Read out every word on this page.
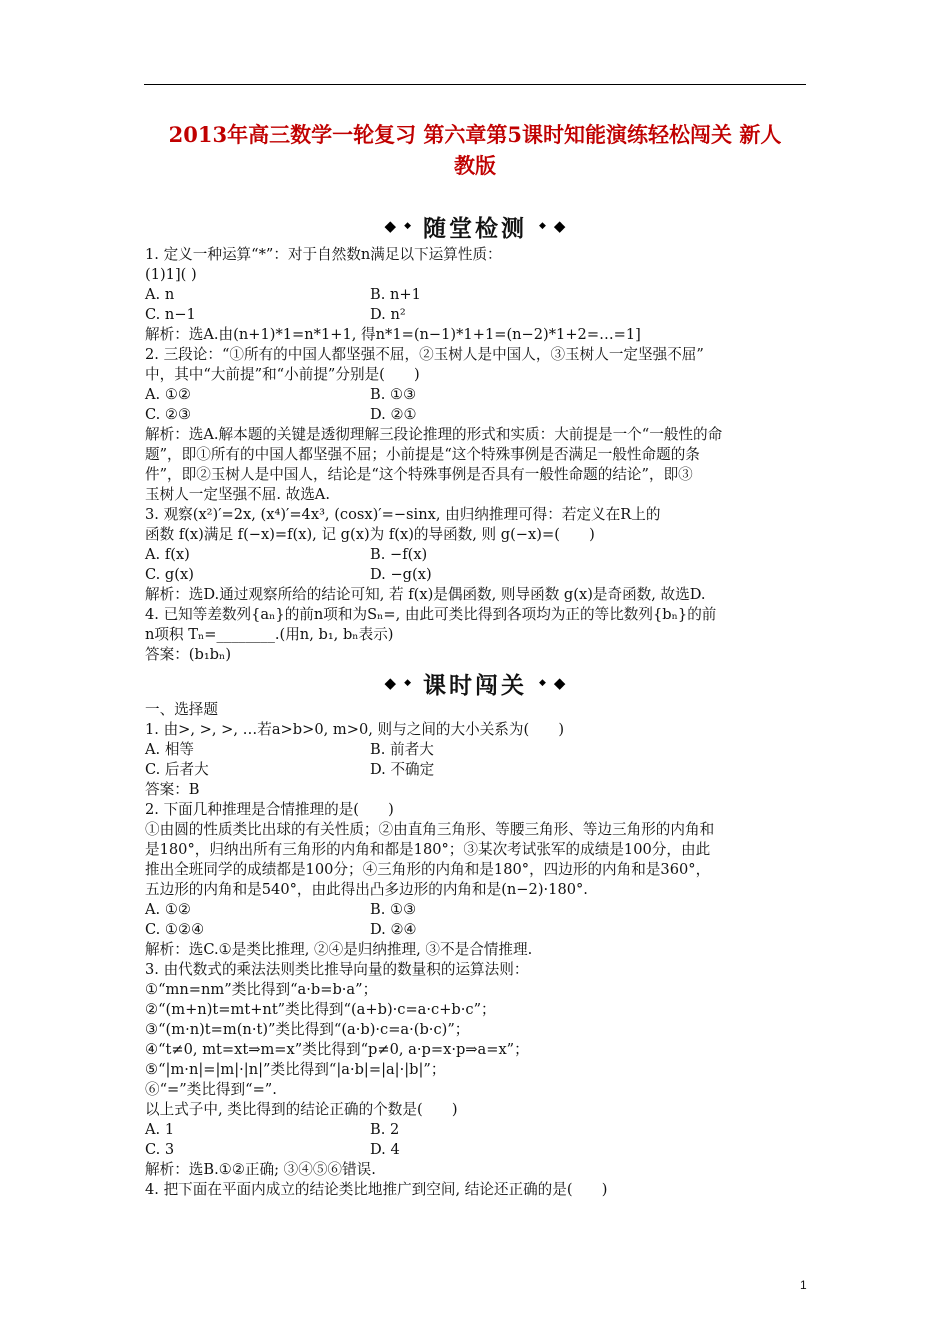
2013年高三数学一轮复习 第六章第5课时知能演练轻松闯关 新人
教版
◆ ◆ 随堂检测	◆ ◆
1. 定义一种运算“*”：对于自然数n满足以下运算性质：
(1)1]( )
A. n	B. n+1
C. n−1	D. n²
解析：选A.由(n+1)*1=n*1+1, 得n*1=(n−1)*1+1=(n−2)*1+2=…=1]
2. 三段论：“①所有的中国人都坚强不屈，②玉树人是中国人，③玉树人一定坚强不屈”
中，其中“大前提”和“小前提”分别是(　　)
A. ①②	B. ①③
C. ②③	D. ②①
解析：选A.解本题的关键是透彻理解三段论推理的形式和实质：大前提是一个“一般性的命
题”，即①所有的中国人都坚强不屈；小前提是“这个特殊事例是否满足一般性命题的条
件”，即②玉树人是中国人，结论是“这个特殊事例是否具有一般性命题的结论”，即③
玉树人一定坚强不屈. 故选A.
3. 观察(x²)′=2x, (x⁴)′=4x³, (cosx)′=−sinx, 由归纳推理可得：若定义在R上的
函数 f(x)满足 f(−x)=f(x), 记 g(x)为 f(x)的导函数, 则 g(−x)=(　　)
A. f(x)	B. −f(x)
C. g(x)	D. −g(x)
解析：选D.通过观察所给的结论可知, 若 f(x)是偶函数, 则导函数 g(x)是奇函数, 故选D.
4. 已知等差数列{aₙ}的前n项和为Sₙ=, 由此可类比得到各项均为正的等比数列{bₙ}的前
n项积 Tₙ=________.(用n, b₁, bₙ表示)
答案：(b₁bₙ)
◆ ◆ 课时闯关	◆ ◆
一、选择题
1. 由>, >, >, …若a>b>0, m>0, 则与之间的大小关系为(　　)
A. 相等	B. 前者大
C. 后者大	D. 不确定
答案：B
2. 下面几种推理是合情推理的是(　　)
①由圆的性质类比出球的有关性质；②由直角三角形、等腰三角形、等边三角形的内角和
是180°，归纳出所有三角形的内角和都是180°；③某次考试张军的成绩是100分，由此
推出全班同学的成绩都是100分；④三角形的内角和是180°，四边形的内角和是360°，
五边形的内角和是540°，由此得出凸多边形的内角和是(n−2)·180°.
A. ①②	B. ①③
C. ①②④	D. ②④
解析：选C.①是类比推理, ②④是归纳推理, ③不是合情推理.
3. 由代数式的乘法法则类比推导向量的数量积的运算法则：
①“mn=nm”类比得到“a·b=b·a”；
②“(m+n)t=mt+nt”类比得到“(a+b)·c=a·c+b·c”；
③“(m·n)t=m(n·t)”类比得到“(a·b)·c=a·(b·c)”；
④“t≠0, mt=xt⇒m=x”类比得到“p≠0, a·p=x·p⇒a=x”；
⑤“|m·n|=|m|·|n|”类比得到“|a·b|=|a|·|b|”；
⑥“=”类比得到“=”.
以上式子中, 类比得到的结论正确的个数是(　　)
A. 1	B. 2
C. 3	D. 4
解析：选B.①②正确; ③④⑤⑥错误.
4. 把下面在平面内成立的结论类比地推广到空间, 结论还正确的是(　　)
1
